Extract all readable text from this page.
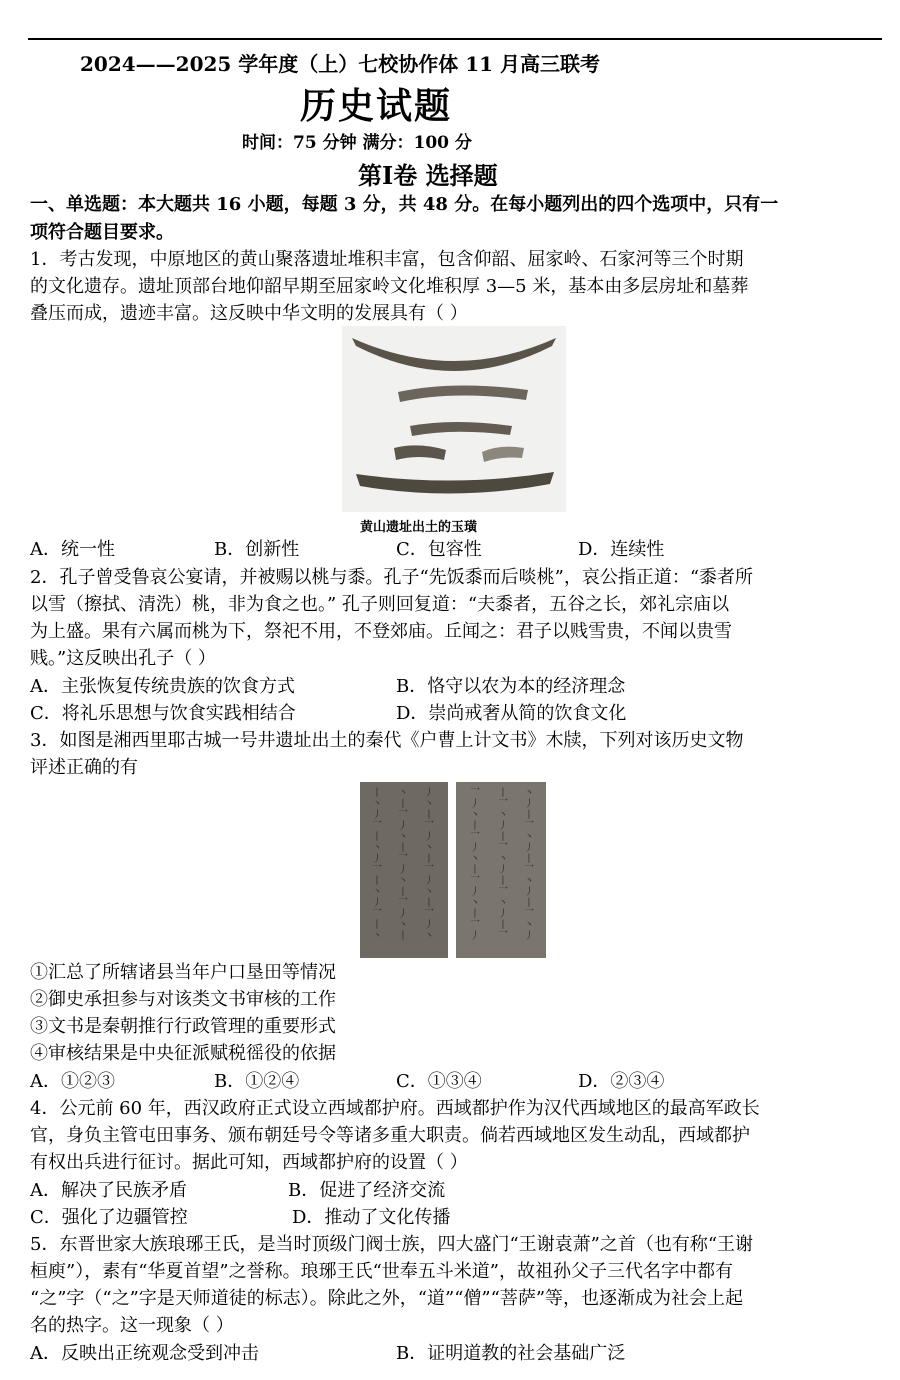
2024——2025 学年度（上）七校协作体 11 月高三联考
历史试题
时间：75 分钟 满分：100 分
第Ⅰ卷 选择题
一、单选题：本大题共 16 小题，每题 3 分，共 48 分。在每小题列出的四个选项中，只有一
项符合题目要求。
1．考古发现，中原地区的黄山聚落遗址堆积丰富，包含仰韶、屈家岭、石家河等三个时期
的文化遗存。遗址顶部台地仰韶早期至屈家岭文化堆积厚 3—5 米，基本由多层房址和墓葬
叠压而成，遗迹丰富。这反映中华文明的发展具有（ ）
黄山遗址出土的玉璜
A．统一性	B．创新性	C．包容性	D．连续性
2．孔子曾受鲁哀公宴请，并被赐以桃与黍。孔子“先饭黍而后啖桃”，哀公指正道：“黍者所
以雪（擦拭、清洗）桃，非为食之也。” 孔子则回复道：“夫黍者，五谷之长，郊礼宗庙以
为上盛。果有六属而桃为下，祭祀不用，不登郊庙。丘闻之：君子以贱雪贵，不闻以贵雪
贱。”这反映出孔子（ ）
A．主张恢复传统贵族的饮食方式	B．恪守以农为本的经济理念
C．将礼乐思想与饮食实践相结合	D．崇尚戒奢从简的饮食文化
3．如图是湘西里耶古城一号井遗址出土的秦代《户曹上计文书》木牍，下列对该历史文物
评述正确的有
丨丶丿乛丨丶丿乛丨丶丿乛丨丶
丶丨乛丿丶丨乛丿丶丨乛丿丶丨
丿丶丨乛丿丶丨乛丿丶丨乛丿丶
乛丿丶丨乛丿丶丨乛丿丶丨乛丿
丨乛丶丿丨乛丶丿丨乛丶丿丨乛
丶丿丨乛丶丿丨乛丶丿丨乛丶丿
①汇总了所辖诸县当年户口垦田等情况
②御史承担参与对该类文书审核的工作
③文书是秦朝推行行政管理的重要形式
④审核结果是中央征派赋税徭役的依据
A．①②③	B．①②④	C．①③④	D．②③④
4．公元前 60 年，西汉政府正式设立西域都护府。西域都护作为汉代西域地区的最高军政长
官，身负主管屯田事务、颁布朝廷号令等诸多重大职责。倘若西域地区发生动乱，西域都护
有权出兵进行征讨。据此可知，西域都护府的设置（ ）
A．解决了民族矛盾	B．促进了经济交流
C．强化了边疆管控	D．推动了文化传播
5．东晋世家大族琅琊王氏，是当时顶级门阀士族，四大盛门“王谢袁萧”之首（也有称“王谢
桓庾”），素有“华夏首望”之誉称。琅琊王氏“世奉五斗米道”，故祖孙父子三代名字中都有
“之”字（“之”字是天师道徒的标志）。除此之外，“道”“僧”“菩萨”等，也逐渐成为社会上起
名的热字。这一现象（ ）
A．反映出正统观念受到冲击	B．证明道教的社会基础广泛
